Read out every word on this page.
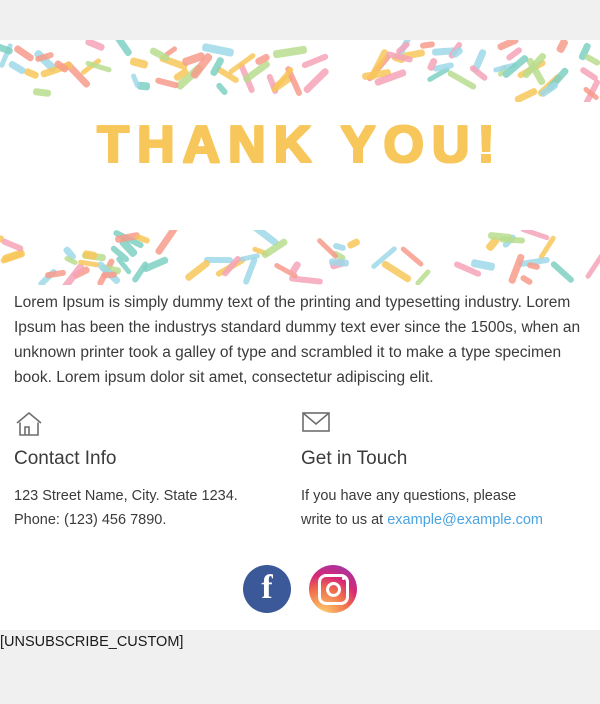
THANK YOU!
Lorem Ipsum is simply dummy text of the printing and typesetting industry. Lorem Ipsum has been the industrys standard dummy text ever since the 1500s, when an unknown printer took a galley of type and scrambled it to make a type specimen book. Lorem ipsum dolor sit amet, consectetur adipiscing elit.
Contact Info
123 Street Name, City. State 1234.
Phone: (123) 456 7890.
Get in Touch
If you have any questions, please
write to us at example@example.com
f
[UNSUBSCRIBE_CUSTOM]
